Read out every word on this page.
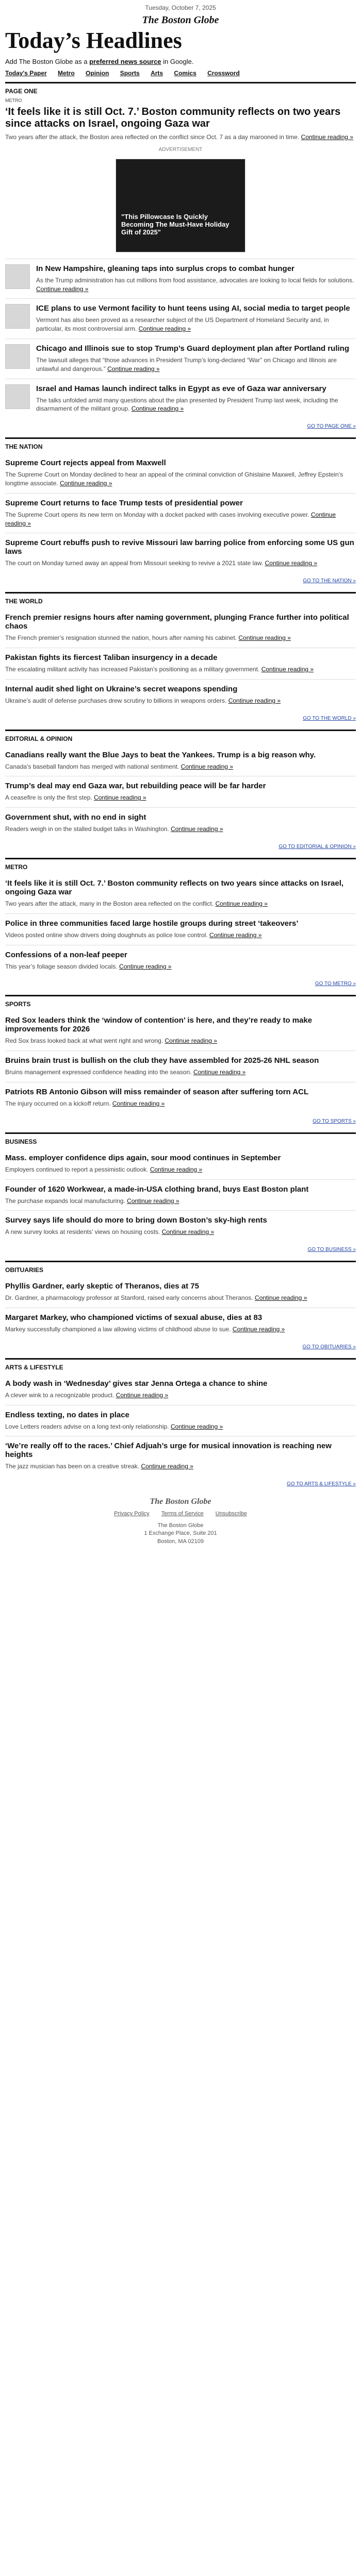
Tuesday, October 7, 2025
The Boston Globe
Today’s Headlines
Add The Boston Globe as a preferred news source in Google.
Today's Paper Metro Opinion Sports Arts Comics Crossword
PAGE ONE
METRO
‘It feels like it is still Oct. 7.’ Boston community reflects on two years since attacks on Israel, ongoing Gaza war

Two years after the attack, the Boston area reflected on the conflict since Oct. 7 as a day marooned in time. Continue reading »

ADVERTISEMENT
"This Pillowcase Is Quickly Becoming The Must-Have Holiday Gift of 2025"
In New Hampshire, gleaning taps into surplus crops to combat hunger

As the Trump administration has cut millions from food assistance, advocates are looking to local fields for solutions. Continue reading »

ICE plans to use Vermont facility to hunt teens using AI, social media to target people

Vermont has also been proved as a researcher subject of the US Department of Homeland Security and, in particular, its most controversial arm. Continue reading »

Chicago and Illinois sue to stop Trump’s Guard deployment plan after Portland ruling

The lawsuit alleges that “those advances in President Trump’s long-declared “War” on Chicago and Illinois are unlawful and dangerous.” Continue reading »

Israel and Hamas launch indirect talks in Egypt as eve of Gaza war anniversary

The talks unfolded amid many questions about the plan presented by President Trump last week, including the disarmament of the militant group. Continue reading »

GO TO PAGE ONE »
THE NATION
Supreme Court rejects appeal from Maxwell

The Supreme Court on Monday declined to hear an appeal of the criminal conviction of Ghislaine Maxwell, Jeffrey Epstein’s longtime associate. Continue reading »

Supreme Court returns to face Trump tests of presidential power

The Supreme Court opens its new term on Monday with a docket packed with cases involving executive power. Continue reading »

Supreme Court rebuffs push to revive Missouri law barring police from enforcing some US gun laws

The court on Monday turned away an appeal from Missouri seeking to revive a 2021 state law. Continue reading »

GO TO THE NATION »
THE WORLD
French premier resigns hours after naming government, plunging France further into political chaos

The French premier’s resignation stunned the nation, hours after naming his cabinet. Continue reading »

Pakistan fights its fiercest Taliban insurgency in a decade

The escalating militant activity has increased Pakistan’s positioning as a military government. Continue reading »

Internal audit shed light on Ukraine’s secret weapons spending

Ukraine’s audit of defense purchases drew scrutiny to billions in weapons orders. Continue reading »

GO TO THE WORLD »
EDITORIAL & OPINION
Canadians really want the Blue Jays to beat the Yankees. Trump is a big reason why.

Canada’s baseball fandom has merged with national sentiment. Continue reading »

Trump’s deal may end Gaza war, but rebuilding peace will be far harder

A ceasefire is only the first step. Continue reading »

Government shut, with no end in sight

Readers weigh in on the stalled budget talks in Washington. Continue reading »

GO TO EDITORIAL & OPINION »
METRO
‘It feels like it is still Oct. 7.’ Boston community reflects on two years since attacks on Israel, ongoing Gaza war

Two years after the attack, many in the Boston area reflected on the conflict. Continue reading »

Police in three communities faced large hostile groups during street ‘takeovers’

Videos posted online show drivers doing doughnuts as police lose control. Continue reading »

Confessions of a non-leaf peeper

This year’s foliage season divided locals. Continue reading »

GO TO METRO »
SPORTS
Red Sox leaders think the ‘window of contention’ is here, and they’re ready to make improvements for 2026

Red Sox brass looked back at what went right and wrong. Continue reading »

Bruins brain trust is bullish on the club they have assembled for 2025-26 NHL season

Bruins management expressed confidence heading into the season. Continue reading »

Patriots RB Antonio Gibson will miss remainder of season after suffering torn ACL

The injury occurred on a kickoff return. Continue reading »

GO TO SPORTS »
BUSINESS
Mass. employer confidence dips again, sour mood continues in September

Employers continued to report a pessimistic outlook. Continue reading »

Founder of 1620 Workwear, a made-in-USA clothing brand, buys East Boston plant

The purchase expands local manufacturing. Continue reading »

Survey says life should do more to bring down Boston’s sky-high rents

A new survey looks at residents’ views on housing costs. Continue reading »

GO TO BUSINESS »
OBITUARIES
Phyllis Gardner, early skeptic of Theranos, dies at 75

Dr. Gardner, a pharmacology professor at Stanford, raised early concerns about Theranos. Continue reading »

Margaret Markey, who championed victims of sexual abuse, dies at 83

Markey successfully championed a law allowing victims of childhood abuse to sue. Continue reading »

GO TO OBITUARIES »
ARTS & LIFESTYLE
A body wash in ‘Wednesday’ gives star Jenna Ortega a chance to shine

A clever wink to a recognizable product. Continue reading »

Endless texting, no dates in place

Love Letters readers advise on a long text-only relationship. Continue reading »

‘We’re really off to the races.’ Chief Adjuah’s urge for musical innovation is reaching new heights

The jazz musician has been on a creative streak. Continue reading »

GO TO ARTS & LIFESTYLE »
The Boston Globe
Privacy Policy Terms of Service Unsubscribe
The Boston Globe
1 Exchange Place, Suite 201
Boston, MA 02109
